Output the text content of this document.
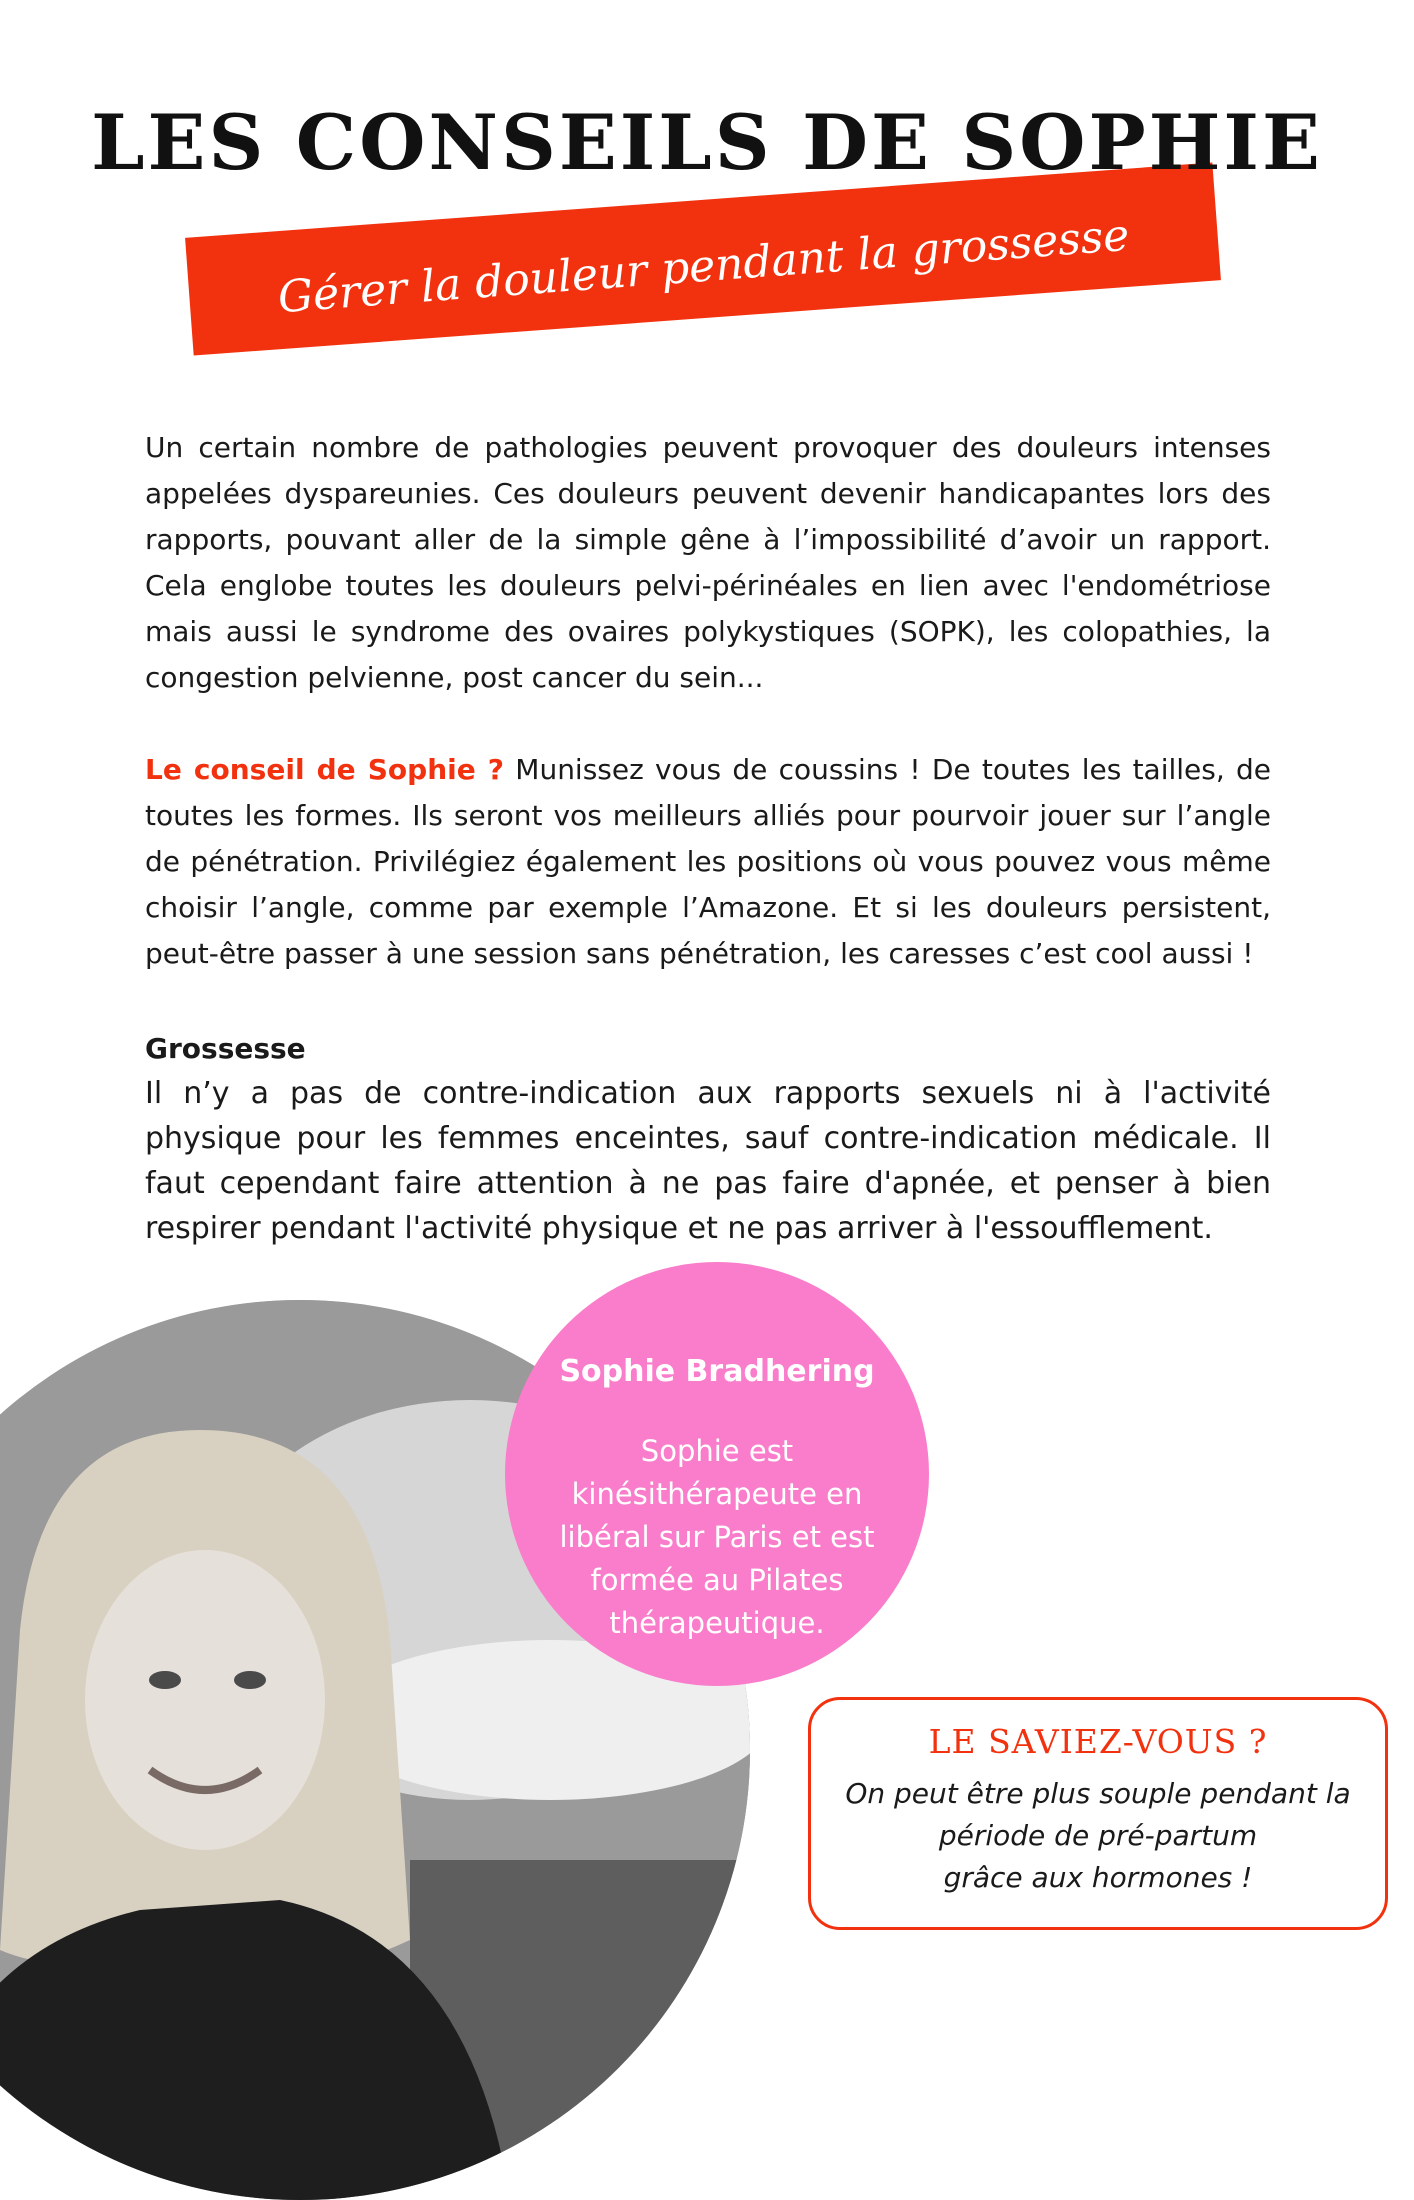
LES CONSEILS DE SOPHIE
Gérer la douleur pendant la grossesse

Un certain nombre de pathologies peuvent provoquer des douleurs intenses appelées dyspareunies. Ces douleurs peuvent devenir handicapantes lors des rapports, pouvant aller de la simple gêne à l’impossibilité d’avoir un rapport. Cela englobe toutes les douleurs pelvi-périnéales en lien avec l'endométriose mais aussi le syndrome des ovaires polykystiques (SOPK), les colopathies, la congestion pelvienne, post cancer du sein...

Le conseil de Sophie ? Munissez vous de coussins ! De toutes les tailles, de toutes les formes. Ils seront vos meilleurs alliés pour pourvoir jouer sur l’angle de pénétration. Privilégiez également les positions où vous pouvez vous même choisir l’angle, comme par exemple l’Amazone. Et si les douleurs persistent, peut-être passer à une session sans pénétration, les caresses c’est cool aussi !

Grossesse

Il n’y a pas de contre-indication aux rapports sexuels ni à l'activité physique pour les femmes enceintes, sauf contre-indication médicale. Il faut cependant faire attention à ne pas faire d'apnée, et penser à bien respirer pendant l'activité physique et ne pas arriver à l'essoufflement.

Sophie Bradhering

Sophie est kinésithérapeute en libéral sur Paris et est formée au Pilates thérapeutique.

LE SAVIEZ-VOUS ?

On peut être plus souple pendant la
période de pré-partum
grâce aux hormones !
